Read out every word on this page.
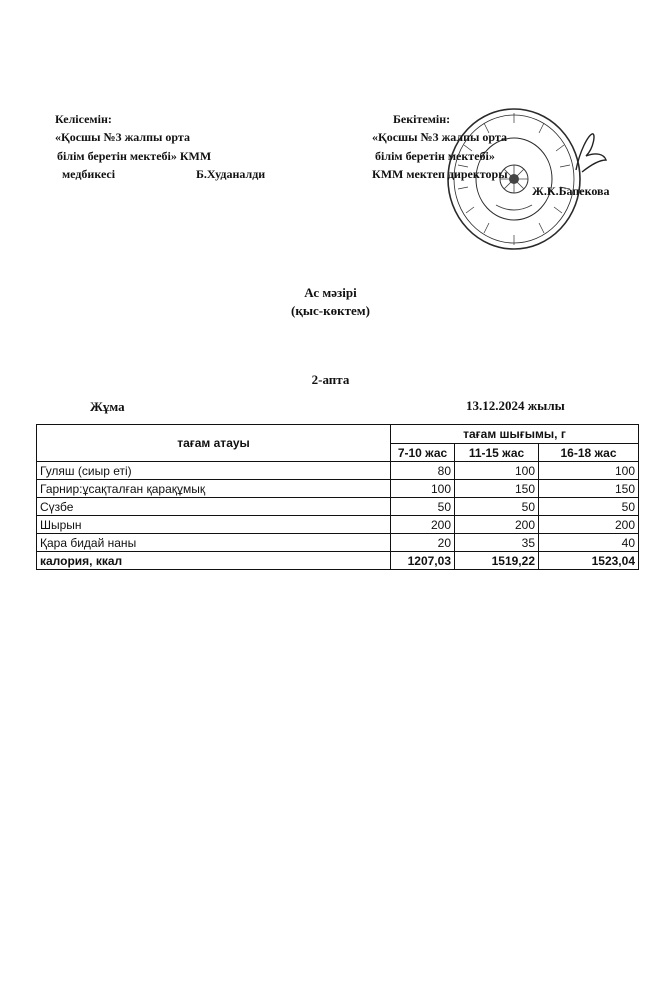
Келісемін:
«Қосшы №3 жалпы орта
білім беретін мектебі» КММ
медбикесі	Б.Худаналди
Бекітемін:
«Қосшы №3 жалпы орта
білім беретін мектебі»
КММ мектеп директоры
Ж.К.Бапекова
Ас мәзірі
(қыс-көктем)
2-апта
Жұма	13.12.2024 жылы
тағам атауы	тағам шығымы, г		
	7-10 жас	11-15 жас	16-18 жас
Гуляш (сиыр еті)	80	100	100
Гарнир:ұсақталған қарақұмық	100	150	150
Сүзбе	50	50	50
Шырын	200	200	200
Қара бидай наны	20	35	40
калория, ккал	1207,03	1519,22	1523,04
